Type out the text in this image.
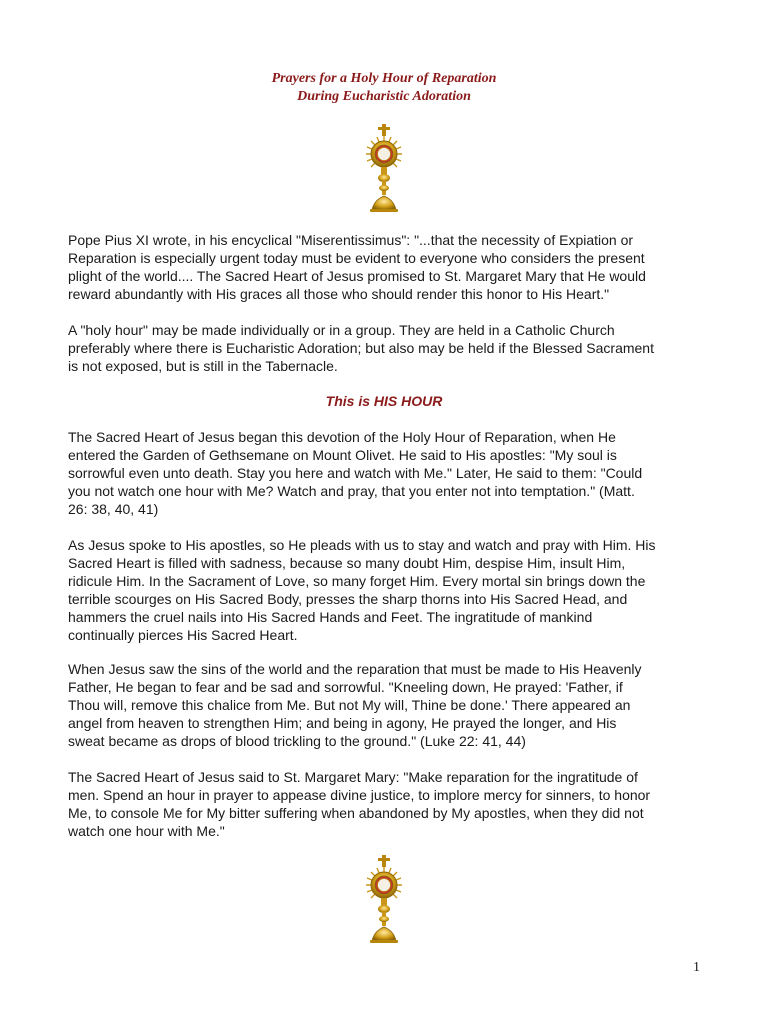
Prayers for a Holy Hour of Reparation
During Eucharistic Adoration

Pope Pius XI wrote, in his encyclical "Miserentissimus": "...that the necessity of Expiation or
Reparation is especially urgent today must be evident to everyone who considers the present
plight of the world.... The Sacred Heart of Jesus promised to St. Margaret Mary that He would
reward abundantly with His graces all those who should render this honor to His Heart."

A "holy hour" may be made individually or in a group. They are held in a Catholic Church
preferably where there is Eucharistic Adoration; but also may be held if the Blessed Sacrament
is not exposed, but is still in the Tabernacle.

This is HIS HOUR

The Sacred Heart of Jesus began this devotion of the Holy Hour of Reparation, when He
entered the Garden of Gethsemane on Mount Olivet. He said to His apostles: "My soul is
sorrowful even unto death. Stay you here and watch with Me." Later, He said to them: "Could
you not watch one hour with Me? Watch and pray, that you enter not into temptation." (Matt.
26: 38, 40, 41)

As Jesus spoke to His apostles, so He pleads with us to stay and watch and pray with Him. His
Sacred Heart is filled with sadness, because so many doubt Him, despise Him, insult Him,
ridicule Him. In the Sacrament of Love, so many forget Him. Every mortal sin brings down the
terrible scourges on His Sacred Body, presses the sharp thorns into His Sacred Head, and
hammers the cruel nails into His Sacred Hands and Feet. The ingratitude of mankind
continually pierces His Sacred Heart.

When Jesus saw the sins of the world and the reparation that must be made to His Heavenly
Father, He began to fear and be sad and sorrowful. "Kneeling down, He prayed: 'Father, if
Thou will, remove this chalice from Me. But not My will, Thine be done.' There appeared an
angel from heaven to strengthen Him; and being in agony, He prayed the longer, and His
sweat became as drops of blood trickling to the ground." (Luke 22: 41, 44)

The Sacred Heart of Jesus said to St. Margaret Mary: "Make reparation for the ingratitude of
men. Spend an hour in prayer to appease divine justice, to implore mercy for sinners, to honor
Me, to console Me for My bitter suffering when abandoned by My apostles, when they did not
watch one hour with Me."

1
